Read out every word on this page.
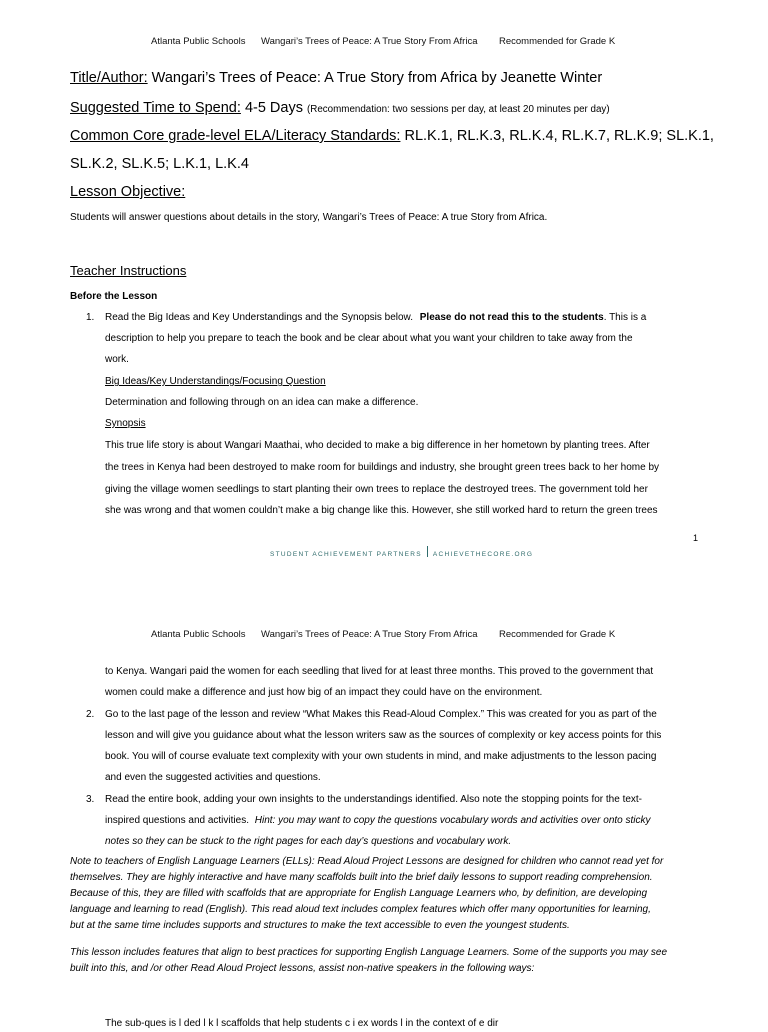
Atlanta Public Schools Wangari’s Trees of Peace: A True Story From Africa Recommended for Grade K
Title/Author: Wangari’s Trees of Peace: A True Story from Africa by Jeanette Winter
Suggested Time to Spend: 4-5 Days (Recommendation: two sessions per day, at least 20 minutes per day)
Common Core grade-level ELA/Literacy Standards: RL.K.1, RL.K.3, RL.K.4, RL.K.7, RL.K.9; SL.K.1,
SL.K.2, SL.K.5; L.K.1, L.K.4
Lesson Objective:
Students will answer questions about details in the story, Wangari’s Trees of Peace: A true Story from Africa.
Teacher Instructions
Before the Lesson
1. Read the Big Ideas and Key Understandings and the Synopsis below. Please do not read this to the students. This is a
description to help you prepare to teach the book and be clear about what you want your children to take away from the
work.
Big Ideas/Key Understandings/Focusing Question
Determination and following through on an idea can make a difference.
Synopsis
This true life story is about Wangari Maathai, who decided to make a big difference in her hometown by planting trees. After
the trees in Kenya had been destroyed to make room for buildings and industry, she brought green trees back to her home by
giving the village women seedlings to start planting their own trees to replace the destroyed trees. The government told her
she was wrong and that women couldn’t make a big change like this. However, she still worked hard to return the green trees
1
STUDENT ACHIEVEMENT PARTNERS ACHIEVETHECORE.ORG
Atlanta Public Schools Wangari’s Trees of Peace: A True Story From Africa Recommended for Grade K
to Kenya. Wangari paid the women for each seedling that lived for at least three months. This proved to the government that
women could make a difference and just how big of an impact they could have on the environment.
2. Go to the last page of the lesson and review “What Makes this Read-Aloud Complex.” This was created for you as part of the
lesson and will give you guidance about what the lesson writers saw as the sources of complexity or key access points for this
book. You will of course evaluate text complexity with your own students in mind, and make adjustments to the lesson pacing
and even the suggested activities and questions.
3. Read the entire book, adding your own insights to the understandings identified. Also note the stopping points for the text-
inspired questions and activities. Hint: you may want to copy the questions vocabulary words and activities over onto sticky
notes so they can be stuck to the right pages for each day’s questions and vocabulary work.
Note to teachers of English Language Learners (ELLs): Read Aloud Project Lessons are designed for children who cannot read yet for
themselves. They are highly interactive and have many scaffolds built into the brief daily lessons to support reading comprehension.
Because of this, they are filled with scaffolds that are appropriate for English Language Learners who, by definition, are developing
language and learning to read (English). This read aloud text includes complex features which offer many opportunities for learning,
but at the same time includes supports and structures to make the text accessible to even the youngest students.
This lesson includes features that align to best practices for supporting English Language Learners. Some of the supports you may see
built into this, and /or other Read Aloud Project lessons, assist non-native speakers in the following ways:
The sub-ques is l ded l k l scaffolds that help students c i ex words l in the context of e dir
